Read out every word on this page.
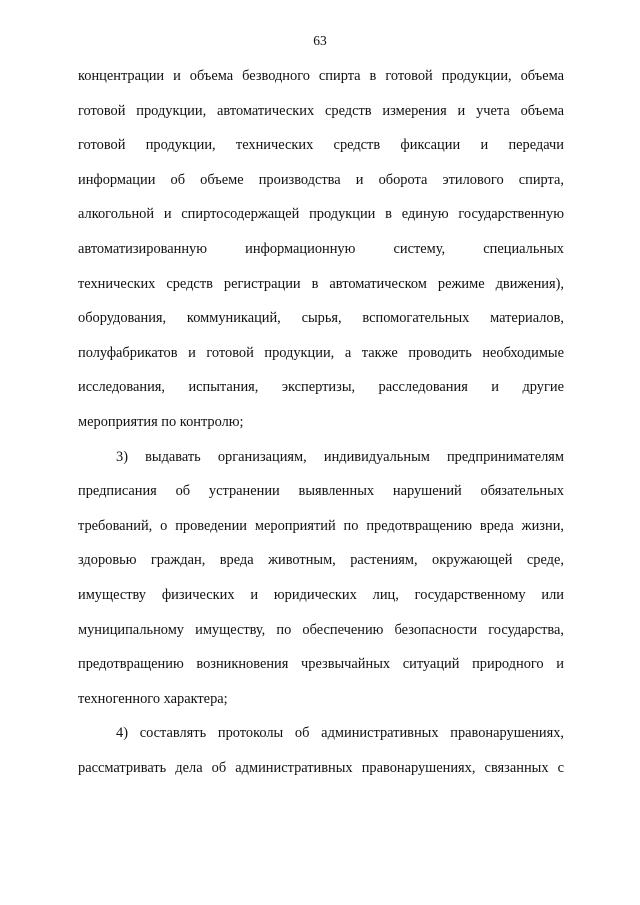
63
концентрации и объема безводного спирта в готовой продукции, объема
готовой продукции, автоматических средств измерения и учета объема
готовой продукции, технических средств фиксации и передачи
информации об объеме производства и оборота этилового спирта,
алкогольной и спиртосодержащей продукции в единую государственную
автоматизированную информационную систему, специальных
технических средств регистрации в автоматическом режиме движения),
оборудования, коммуникаций, сырья, вспомогательных материалов,
полуфабрикатов и готовой продукции, а также проводить необходимые
исследования, испытания, экспертизы, расследования и другие
мероприятия по контролю;
3) выдавать организациям, индивидуальным предпринимателям
предписания об устранении выявленных нарушений обязательных
требований, о проведении мероприятий по предотвращению вреда жизни,
здоровью граждан, вреда животным, растениям, окружающей среде,
имуществу физических и юридических лиц, государственному или
муниципальному имуществу, по обеспечению безопасности государства,
предотвращению возникновения чрезвычайных ситуаций природного и
техногенного характера;
4) составлять протоколы об административных правонарушениях,
рассматривать дела об административных правонарушениях, связанных с
